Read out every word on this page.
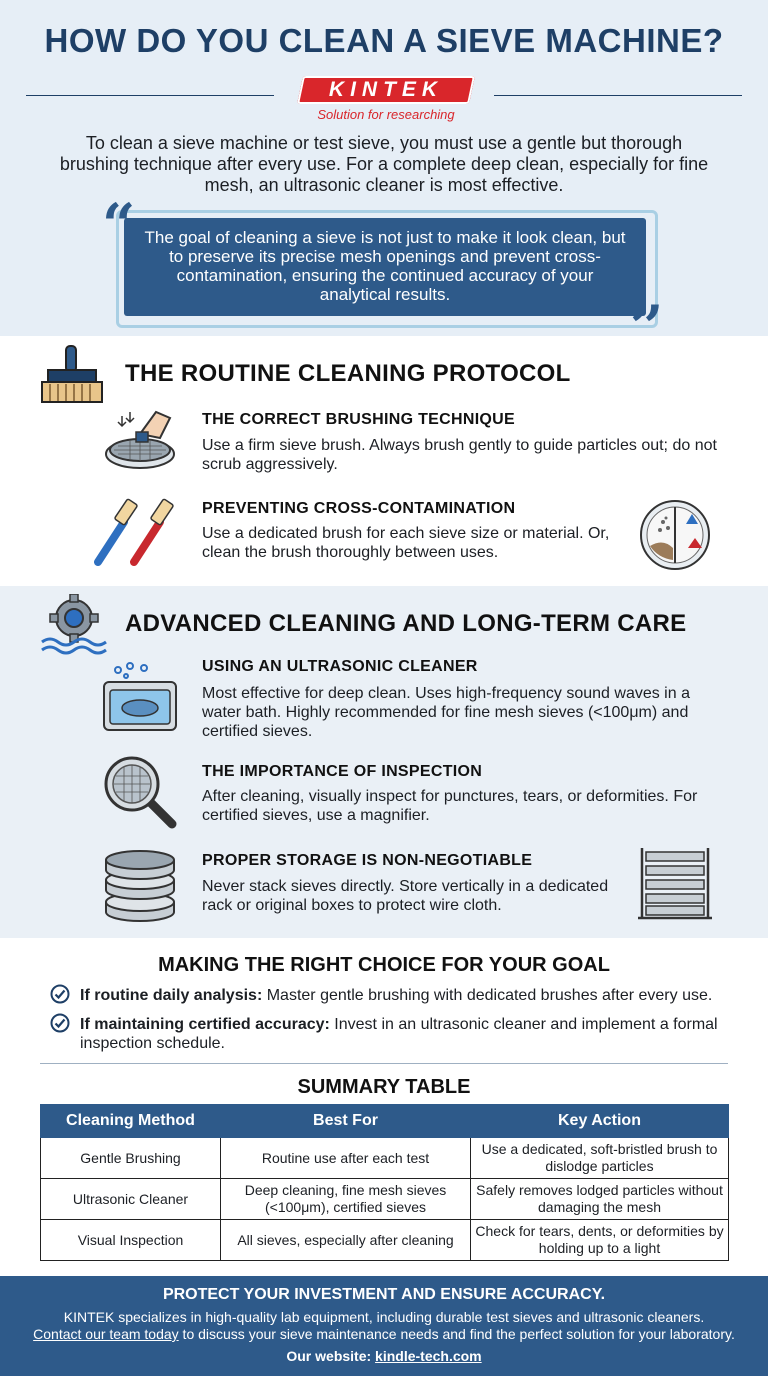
HOW DO YOU CLEAN A SIEVE MACHINE?
KINTEK
Solution for researching
To clean a sieve machine or test sieve, you must use a gentle but thorough brushing technique after every use. For a complete deep clean, especially for fine mesh, an ultrasonic cleaner is most effective.
The goal of cleaning a sieve is not just to make it look clean, but to preserve its precise mesh openings and prevent cross-contamination, ensuring the continued accuracy of your analytical results.
“
”
THE ROUTINE CLEANING PROTOCOL
THE CORRECT BRUSHING TECHNIQUE
Use a firm sieve brush. Always brush gently to guide particles out; do not scrub aggressively.
PREVENTING CROSS-CONTAMINATION
Use a dedicated brush for each sieve size or material. Or, clean the brush thoroughly between uses.
ADVANCED CLEANING AND LONG-TERM CARE
USING AN ULTRASONIC CLEANER
Most effective for deep clean. Uses high-frequency sound waves in a water bath. Highly recommended for fine mesh sieves (<100μm) and certified sieves.
THE IMPORTANCE OF INSPECTION
After cleaning, visually inspect for punctures, tears, or deformities. For certified sieves, use a magnifier.
PROPER STORAGE IS NON-NEGOTIABLE
Never stack sieves directly. Store vertically in a dedicated rack or original boxes to protect wire cloth.
MAKING THE RIGHT CHOICE FOR YOUR GOAL
If routine daily analysis: Master gentle brushing with dedicated brushes after every use.
If maintaining certified accuracy: Invest in an ultrasonic cleaner and implement a formal inspection schedule.
SUMMARY TABLE
Cleaning Method	Best For	Key Action
Gentle Brushing	Routine use after each test	Use a dedicated, soft-bristled brush to dislodge particles
Ultrasonic Cleaner	Deep cleaning, fine mesh sieves (<100μm), certified sieves	Safely removes lodged particles without damaging the mesh
Visual Inspection	All sieves, especially after cleaning	Check for tears, dents, or deformities by holding up to a light
PROTECT YOUR INVESTMENT AND ENSURE ACCURACY.
KINTEK specializes in high-quality lab equipment, including durable test sieves and ultrasonic cleaners.
Contact our team today to discuss your sieve maintenance needs and find the perfect solution for your laboratory.
Our website: kindle-tech.com
